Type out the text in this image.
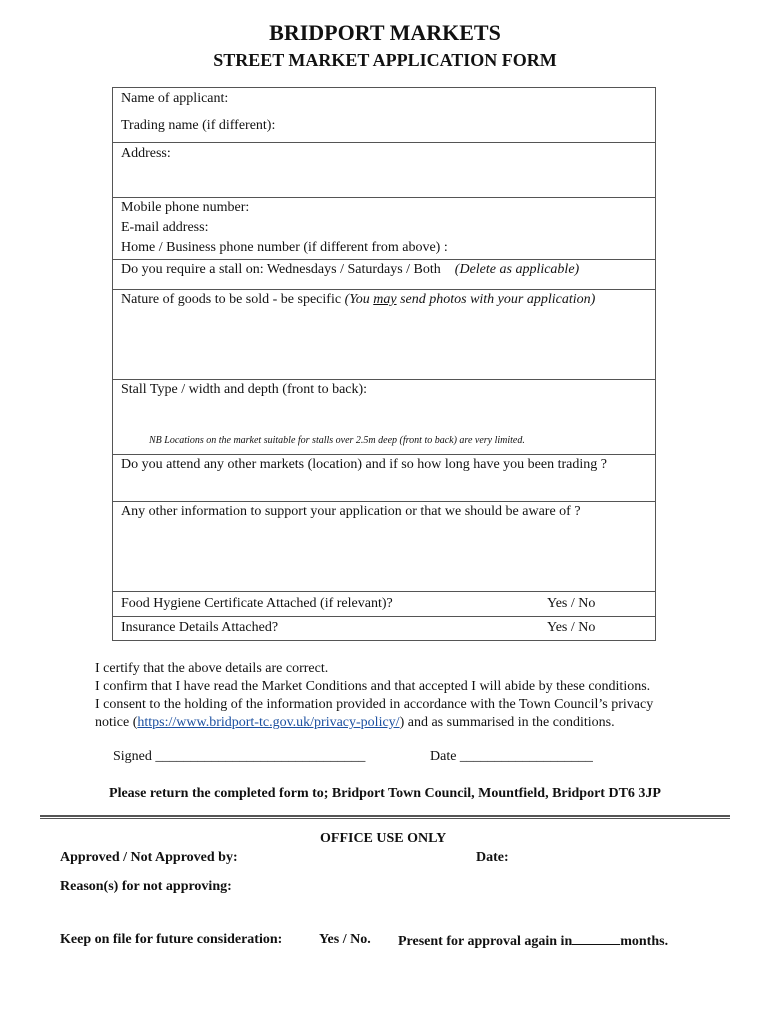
BRIDPORT MARKETS
STREET MARKET APPLICATION FORM
Name of applicant:
Trading name (if different):
Address:
Mobile phone number:
E-mail address:
Home / Business phone number (if different from above) :
Do you require a stall on: Wednesdays / Saturdays / Both (Delete as applicable)
Nature of goods to be sold - be specific (You may send photos with your application)
Stall Type / width and depth (front to back):
NB Locations on the market suitable for stalls over 2.5m deep (front to back) are very limited.
Do you attend any other markets (location) and if so how long have you been trading ?
Any other information to support your application or that we should be aware of ?
Food Hygiene Certificate Attached (if relevant)?	Yes / No
Insurance Details Attached?	Yes / No
I certify that the above details are correct.
I confirm that I have read the Market Conditions and that accepted I will abide by these conditions.
I consent to the holding of the information provided in accordance with the Town Council’s privacy
notice (https://www.bridport-tc.gov.uk/privacy-policy/) and as summarised in the conditions.
Signed ______________________________	Date ___________________
Please return the completed form to; Bridport Town Council, Mountfield, Bridport DT6 3JP
OFFICE USE ONLY
Approved / Not Approved by:	Date:
Reason(s) for not approving:
Keep on file for future consideration:	Yes / No. Present for approval again in	months.
